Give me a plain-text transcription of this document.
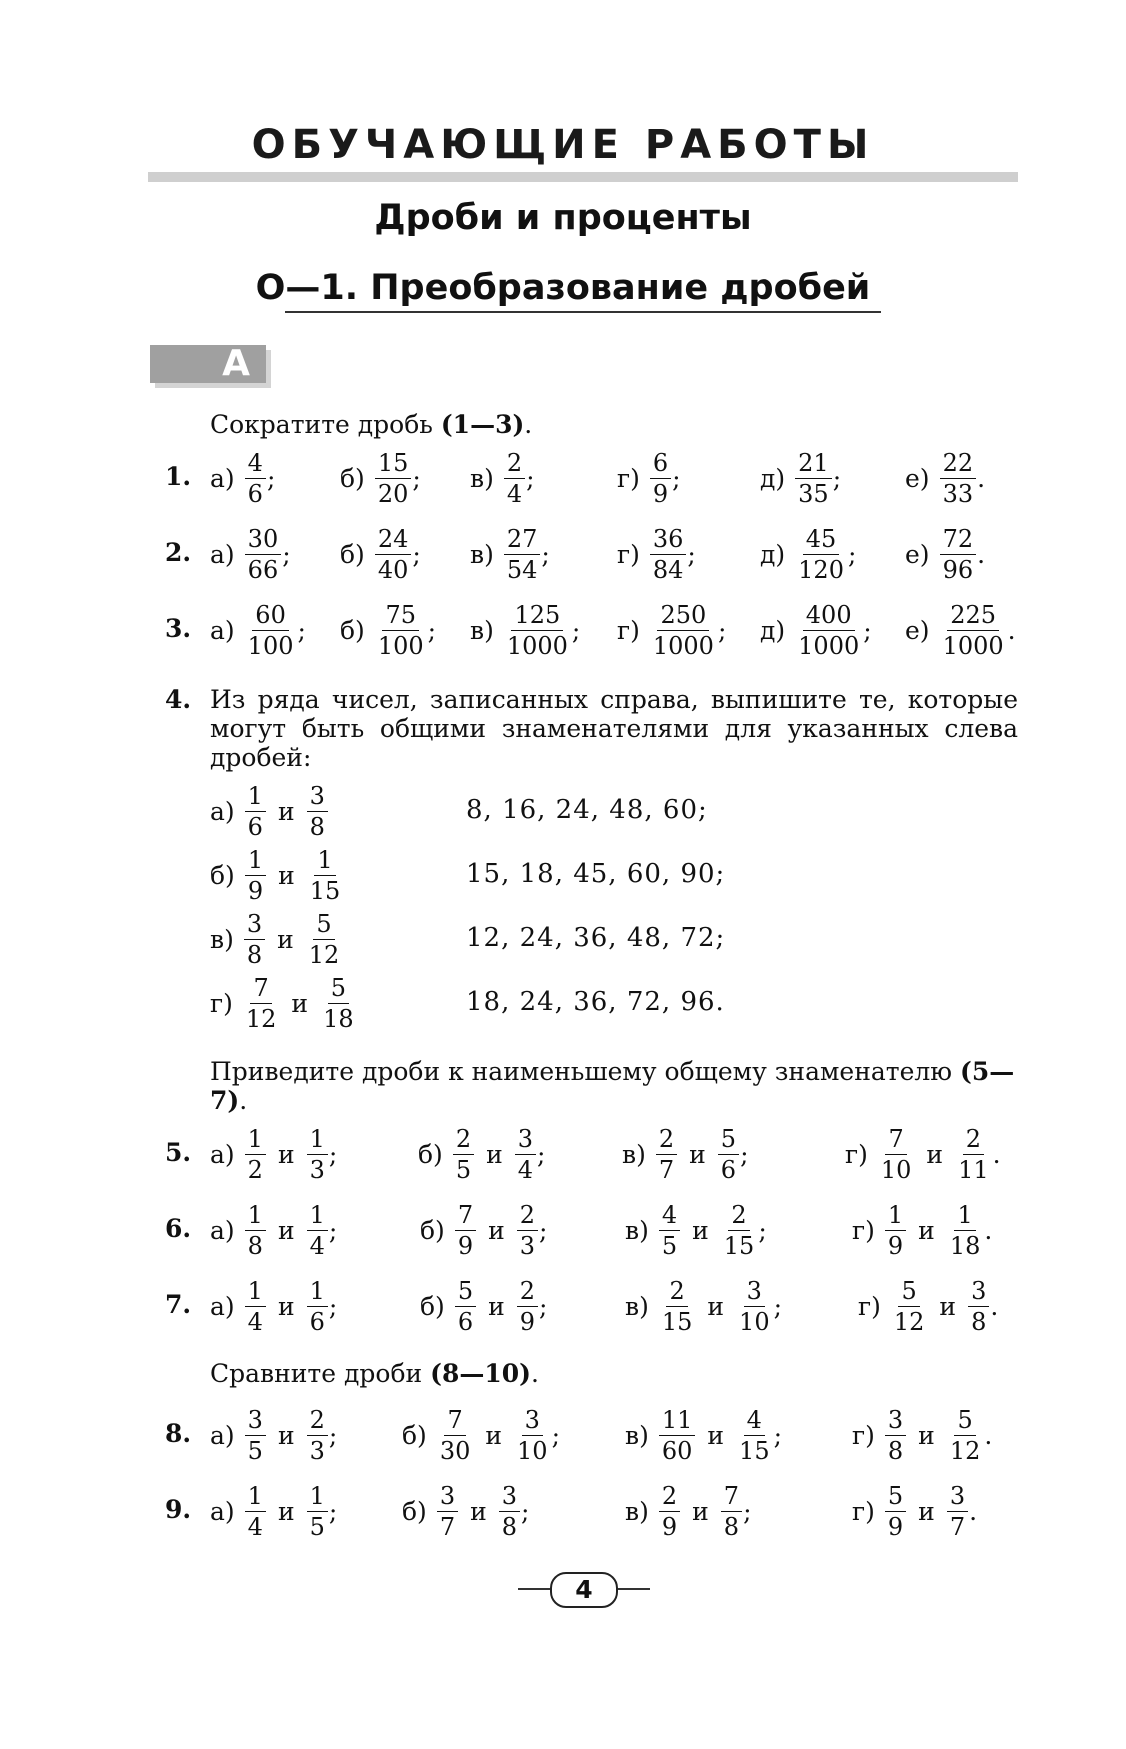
ОБУЧАЮЩИЕ РАБОТЫ
Дроби и проценты
О—1. Преобразование дробей
А
Сократите дробь (1—3).
1. $а) \frac{4}{6}$ ;	$б) \frac{15}{20}$ ; $в) \frac{2}{4}$ ;	$г) \frac{6}{9}$ ;	$д) \frac{21}{35}$ ;	$е) \frac{22}{33}$ .
2. $а) \frac{30}{66}$ ; $б) \frac{24}{40}$ ; $в) \frac{27}{54}$ ;	$г) \frac{36}{84}$ ;	$д) \frac{45}{120}$ ; $е) \frac{72}{96}$ .
3. $а) \frac{60}{100}$ ; $б) \frac{75}{100}$ ; $в) \frac{125}{1000}$ ; $г) \frac{250}{1000}$ ; $д) \frac{400}{1000}$ ; $е) \frac{225}{1000}$ .
4. Из ряда чисел, записанных справа, выпишите те, которые могут быть общими знаменателями для указанных слева дробей:
$а) \frac{1}{6}$ и $\frac{3}{8}$	8, 16, 24, 48, 60;
$б) \frac{1}{9}$ и $\frac{1}{15}$	15, 18, 45, 60, 90;
$в) \frac{3}{8}$ и $\frac{5}{12}$	12, 24, 36, 48, 72;
$г) \frac{7}{12}$ и $\frac{5}{18}$	18, 24, 36, 72, 96.
Приведите дроби к наименьшему общему знаменателю (5—7).
5. $а) \frac{1}{2}$ и $\frac{1}{3}$ ;	$б) \frac{2}{5}$ и $\frac{3}{4}$ ;	$в) \frac{2}{7}$ и $\frac{5}{6}$ ;	$г) \frac{7}{10}$ и $\frac{2}{11}$ .
6. $а) \frac{1}{8}$ и $\frac{1}{4}$ ;	$б) \frac{7}{9}$ и $\frac{2}{3}$ ;	$в) \frac{4}{5}$ и $\frac{2}{15}$ ;	$г) \frac{1}{9}$ и $\frac{1}{18}$ .
7. $а) \frac{1}{4}$ и $\frac{1}{6}$ ;	$б) \frac{5}{6}$ и $\frac{2}{9}$ ;	$в) \frac{2}{15}$ и $\frac{3}{10}$ ;	$г) \frac{5}{12}$ и $\frac{3}{8}$ .
Сравните дроби (8—10).
8. $а) \frac{3}{5}$ и $\frac{2}{3}$ ;	$б) \frac{7}{30}$ и $\frac{3}{10}$ ;	$в) \frac{11}{60}$ и $\frac{4}{15}$ ;	$г) \frac{3}{8}$ и $\frac{5}{12}$ .
9. $а) \frac{1}{4}$ и $\frac{1}{5}$ ;	$б) \frac{3}{7}$ и $\frac{3}{8}$ ;	$в) \frac{2}{9}$ и $\frac{7}{8}$ ;	$г) \frac{5}{9}$ и $\frac{3}{7}$ .
4
